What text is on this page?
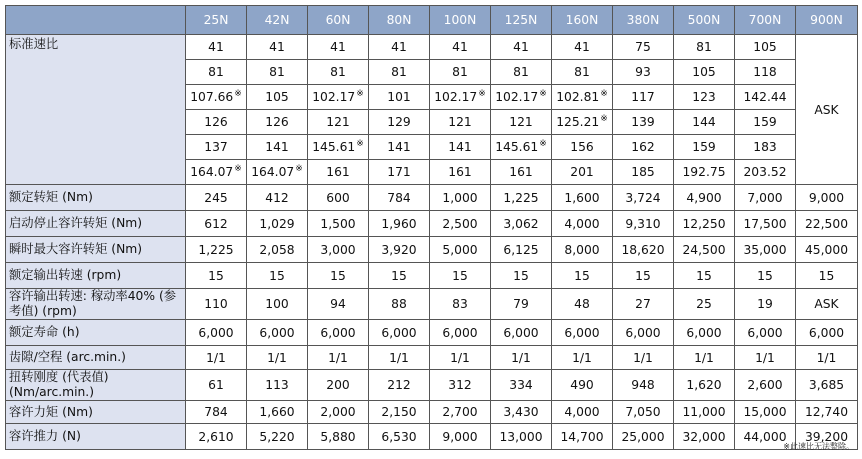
	25N	42N	60N	80N	100N	125N	160N	380N	500N	700N	900N
标准速比	41	41	41	41	41	41	41	75	81	105	ASK
	81	81	81	81	81	81	81	93	105	118	
	107.66※	105	102.17※	101	102.17※	102.17※	102.81※	117	123	142.44	
	126	126	121	129	121	121	125.21※	139	144	159	
	137	141	145.61※	141	141	145.61※	156	162	159	183	
	164.07※	164.07※	161	171	161	161	201	185	192.75	203.52	
额定转矩 (Nm)	245	412	600	784	1,000	1,225	1,600	3,724	4,900	7,000	9,000
启动停止容许转矩 (Nm)	612	1,029	1,500	1,960	2,500	3,062	4,000	9,310	12,250	17,500	22,500
瞬时最大容许转矩 (Nm)	1,225	2,058	3,000	3,920	5,000	6,125	8,000	18,620	24,500	35,000	45,000
额定输出转速 (rpm)	15	15	15	15	15	15	15	15	15	15	15
容许输出转速: 稼动率40% (参考值) (rpm)	110	100	94	88	83	79	48	27	25	19	ASK
额定寿命 (h)	6,000	6,000	6,000	6,000	6,000	6,000	6,000	6,000	6,000	6,000	6,000
齿隙/空程 (arc.min.)	1/1	1/1	1/1	1/1	1/1	1/1	1/1	1/1	1/1	1/1	1/1
扭转刚度 (代表值) (Nm/arc.min.)	61	113	200	212	312	334	490	948	1,620	2,600	3,685
容许力矩 (Nm)	784	1,660	2,000	2,150	2,700	3,430	4,000	7,050	11,000	15,000	12,740
容许推力 (N)	2,610	5,220	5,880	6,530	9,000	13,000	14,700	25,000	32,000	44,000	39,200
※此速比无法整除。
